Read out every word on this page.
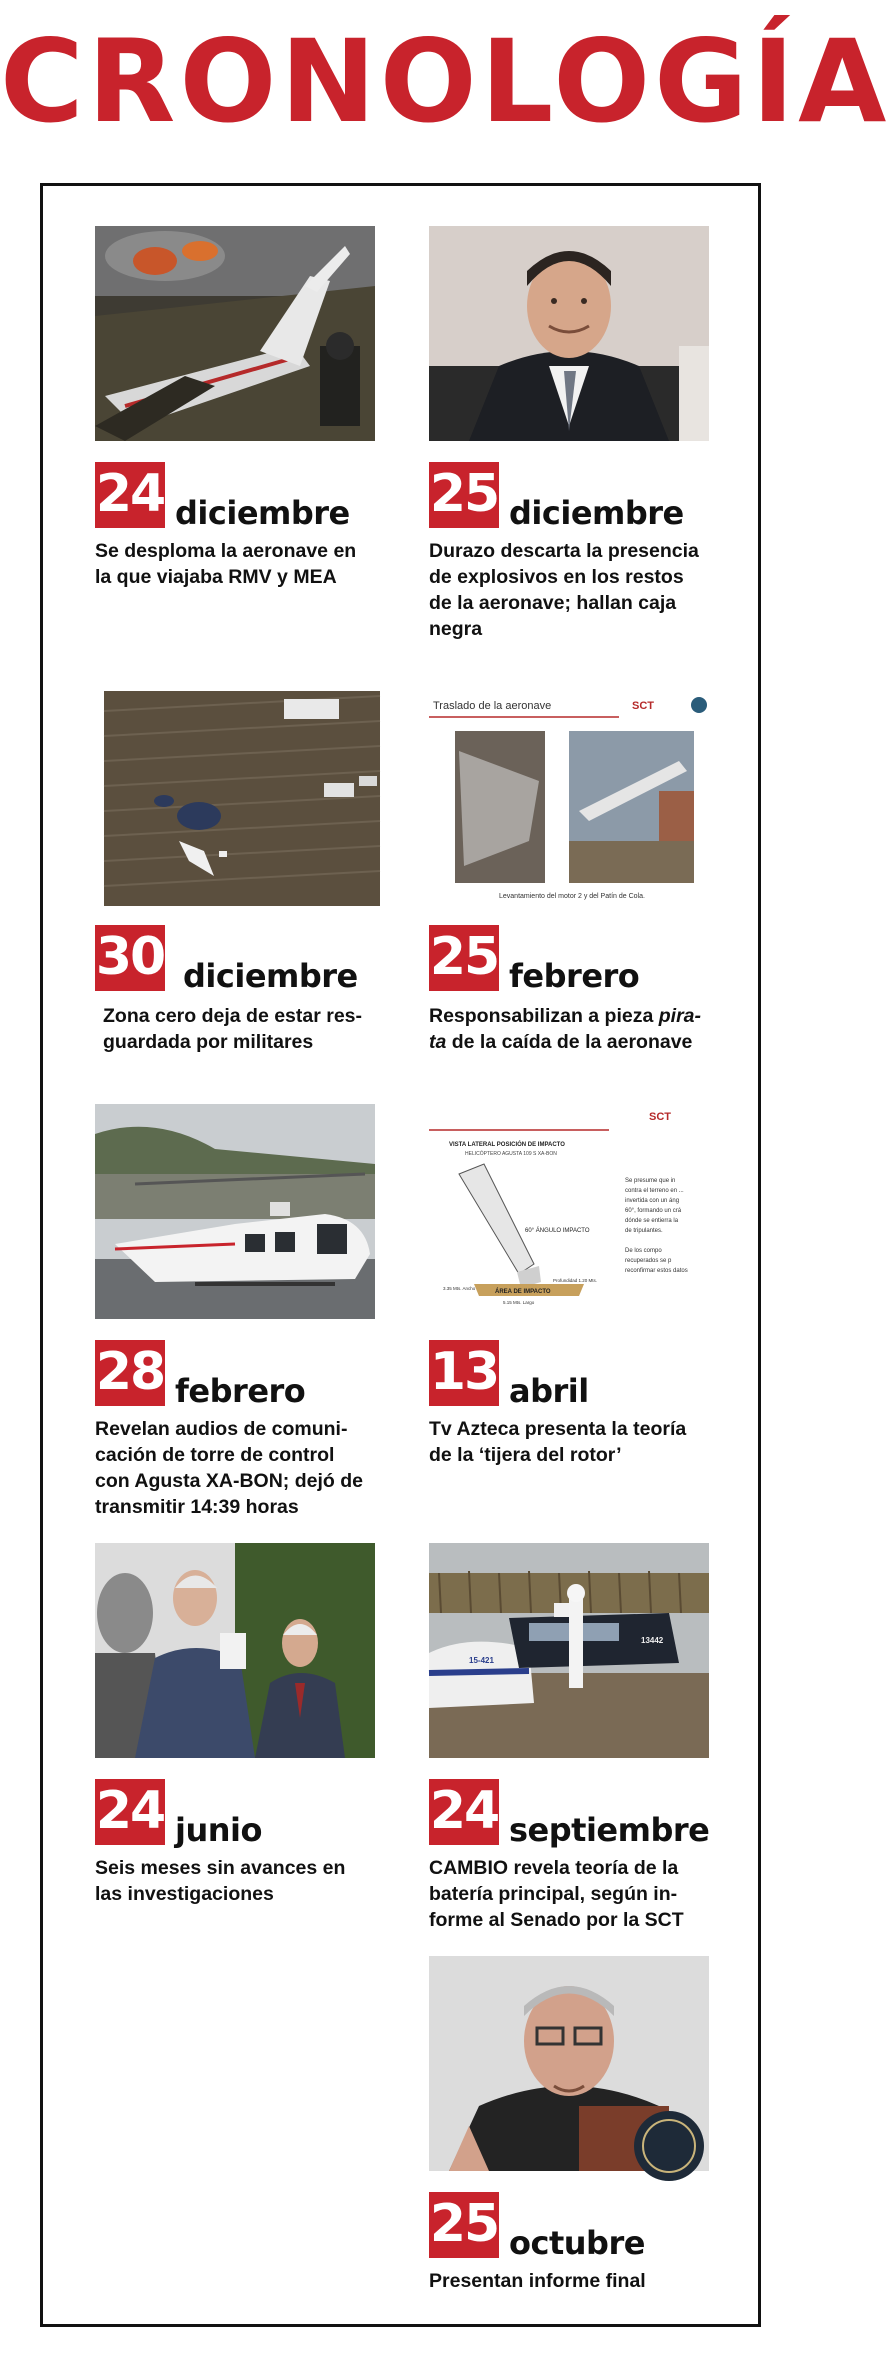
CRONOLOGÍA
24 diciembre
Se desploma la aeronave en
la que viajaba RMV y MEA
25 diciembre
Durazo descarta la presencia
de explosivos en los restos
de la aeronave; hallan caja
negra
30 diciembre
Zona cero deja de estar res-
guardada por militares
Traslado de la aeronave	SCT
Levantamiento del motor 2 y del Patín de Cola.
25 febrero
Responsabilizan a pieza pira-
ta de la caída de la aeronave
28 febrero
Revelan audios de comuni-
cación de torre de control
con Agusta XA-BON; dejó de
transmitir 14:39 horas
SCT
VISTA LATERAL POSICIÓN DE IMPACTO
HELICÓPTERO AGUSTA 109 S XA-BON
60° ÁNGULO IMPACTO
ÁREA DE IMPACTO
3.35 Mts. Ancho
Profundidad 1.20 Mts.
5.15 Mts. Largo
Se presume que in
contra el terreno en ...
invertida con un áng
60°, formando un crá
dónde se entierra la
de tripulantes.
De los compo
recuperados se p
reconfirmar estos datos
13 abril
Tv Azteca presenta la teoría
de la ‘tijera del rotor’
24 junio
Seis meses sin avances en
las investigaciones
15-421
13442
24 septiembre
CAMBIO revela teoría de la
batería principal, según in-
forme al Senado por la SCT
25 octubre
Presentan informe final
